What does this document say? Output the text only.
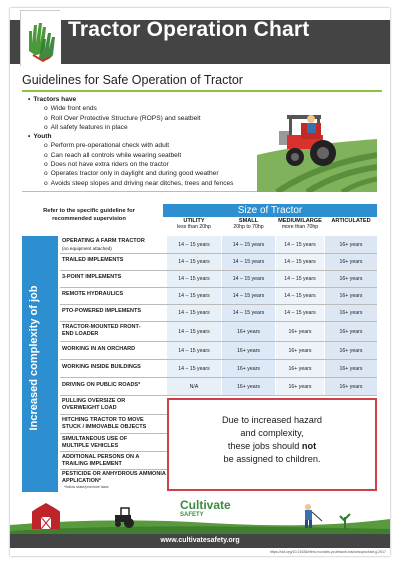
Tractor Operation Chart
Guidelines for Safe Operation of Tractor
• Tractors have
o Wide front ends
o Roll Over Protective Structure (ROPS) and seatbelt
o All safety features in place
• Youth
o Perform pre-operational check with adult
o Can reach all controls while wearing seatbelt
o Does not have extra riders on the tractor
o Operates tractor only in daylight and during good weather
o Avoids steep slopes and driving near ditches, trees and fences
Refer to the specific guideline for recommended supervision
Size of Tractor
UTILITY
less than 20hp
SMALL
20hp to 70hp
MEDIUM/LARGE
more than 70hp
ARTICULATED
Increased complexity of job
OPERATING A FARM TRACTOR
(no equipment attached)
14 – 15 years	14 – 15 years	14 – 15 years	16+ years
TRAILED IMPLEMENTS	14 – 15 years	14 – 15 years	14 – 15 years	16+ years
3-POINT IMPLEMENTS	14 – 15 years	14 – 15 years	14 – 15 years	16+ years
REMOTE HYDRAULICS	14 – 15 years	14 – 15 years	14 – 15 years	16+ years
PTO-POWERED IMPLEMENTS	14 – 15 years	14 – 15 years	14 – 15 years	16+ years
TRACTOR-MOUNTED FRONT-END LOADER	14 – 15 years	16+ years	16+ years	16+ years
WORKING IN AN ORCHARD	14 – 15 years	16+ years	16+ years	16+ years
WORKING INSIDE BUILDINGS	14 – 15 years	16+ years	16+ years	16+ years
DRIVING ON PUBLIC ROADS*	N/A	16+ years	16+ years	16+ years
PULLING OVERSIZE OR OVERWEIGHT LOAD
HITCHING TRACTOR TO MOVE STUCK / IMMOVABLE OBJECTS
SIMULTANEOUS USE OF MULTIPLE VEHICLES
ADDITIONAL PERSONS ON A TRAILING IMPLEMENT
PESTICIDE OR ANHYDROUS AMMONIA APPLICATION*
Due to increased hazard
and complexity,
these jobs should not
be assigned to children.
*follow state/province laws
Cultivate
SAFETY
www.cultivatesafety.org
https://doi.org/10.21636/nfmc.nccrahs.youthwork.tractorsopschart.g.2017
